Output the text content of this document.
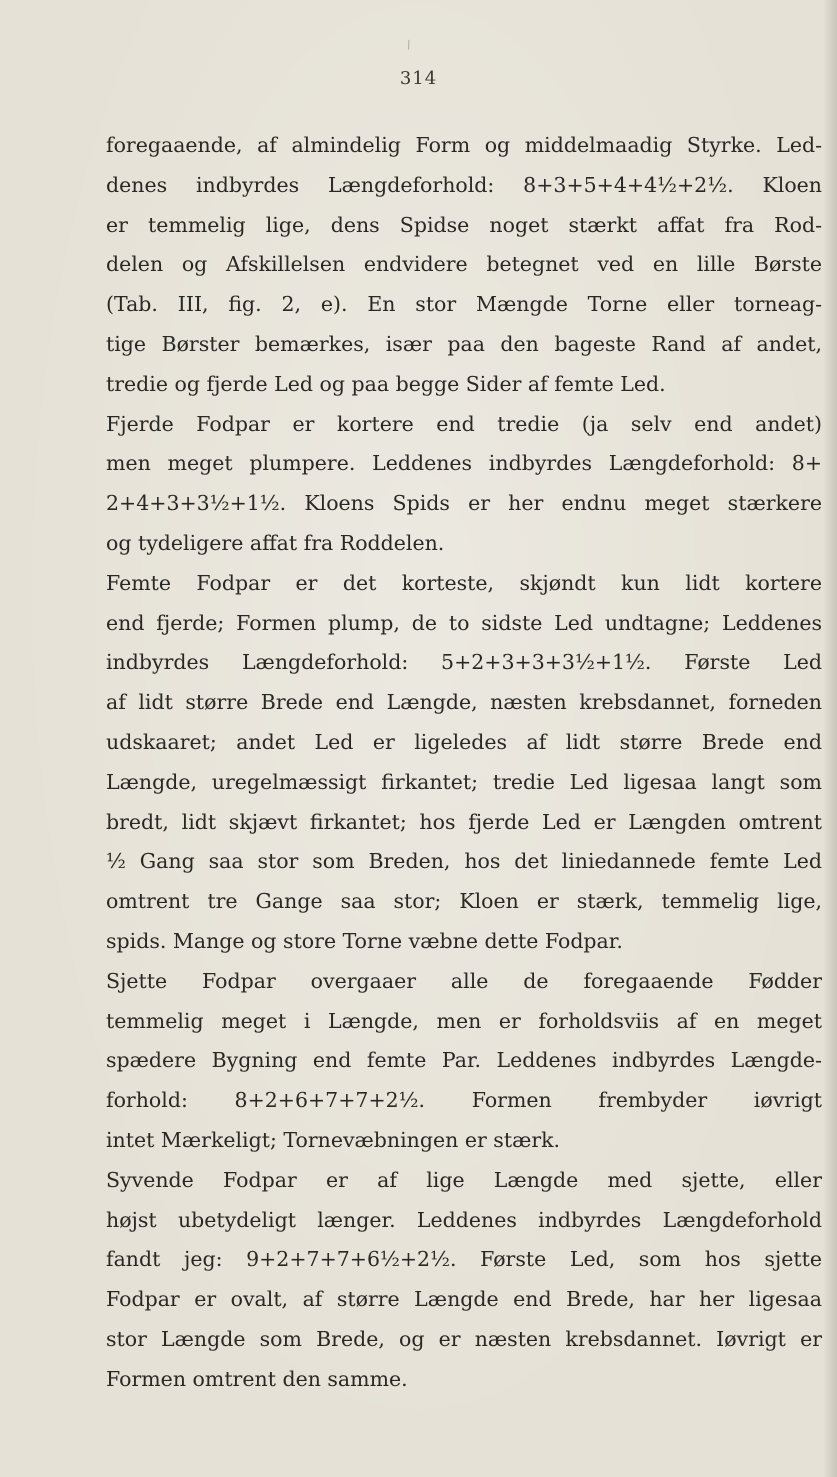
⁄
314
foregaaende, af almindelig Form og middelmaadig Styrke. Led-
denes indbyrdes Længdeforhold: 8+3+5+4+4½+2½. Kloen
er temmelig lige, dens Spidse noget stærkt affat fra Rod-
delen og Afskillelsen endvidere betegnet ved en lille Børste
(Tab. III, fig. 2, e). En stor Mængde Torne eller torneag-
tige Børster bemærkes, især paa den bageste Rand af andet,
tredie og fjerde Led og paa begge Sider af femte Led.
Fjerde Fodpar er kortere end tredie (ja selv end andet)
men meget plumpere. Leddenes indbyrdes Længdeforhold: 8+
2+4+3+3½+1½. Kloens Spids er her endnu meget stærkere
og tydeligere affat fra Roddelen.
Femte Fodpar er det korteste, skjøndt kun lidt kortere
end fjerde; Formen plump, de to sidste Led undtagne; Leddenes
indbyrdes Længdeforhold: 5+2+3+3+3½+1½. Første Led
af lidt større Brede end Længde, næsten krebsdannet, forneden
udskaaret; andet Led er ligeledes af lidt større Brede end
Længde, uregelmæssigt firkantet; tredie Led ligesaa langt som
bredt, lidt skjævt firkantet; hos fjerde Led er Længden omtrent
½ Gang saa stor som Breden, hos det liniedannede femte Led
omtrent tre Gange saa stor; Kloen er stærk, temmelig lige,
spids. Mange og store Torne væbne dette Fodpar.
Sjette Fodpar overgaaer alle de foregaaende Fødder
temmelig meget i Længde, men er forholdsviis af en meget
spædere Bygning end femte Par. Leddenes indbyrdes Længde-
forhold: 8+2+6+7+7+2½. Formen frembyder iøvrigt
intet Mærkeligt; Tornevæbningen er stærk.
Syvende Fodpar er af lige Længde med sjette, eller
højst ubetydeligt længer. Leddenes indbyrdes Længdeforhold
fandt jeg: 9+2+7+7+6½+2½. Første Led, som hos sjette
Fodpar er ovalt, af større Længde end Brede, har her ligesaa
stor Længde som Brede, og er næsten krebsdannet. Iøvrigt er
Formen omtrent den samme.
